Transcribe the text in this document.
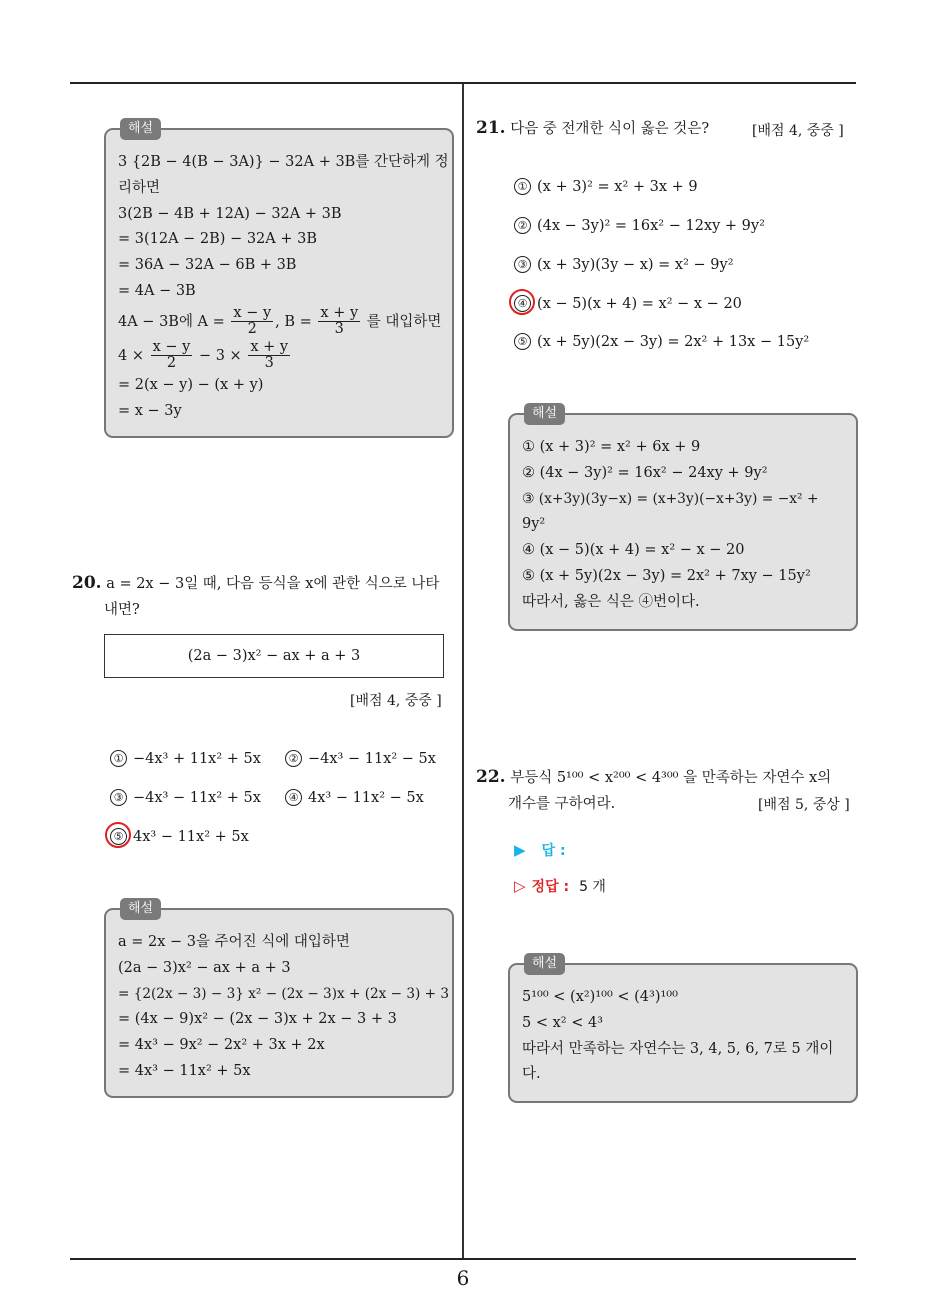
6
해설
3 {2B − 4(B − 3A)} − 32A + 3B를 간단하게 정
리하면
3(2B − 4B + 12A) − 32A + 3B
= 3(12A − 2B) − 32A + 3B
= 36A − 32A − 6B + 3B
= 4A − 3B
4A − 3B에 $A = \frac{x - y}{2}$ , $B = \frac{x + y}{3}$ 를 대입하면
$4 \times \frac{x - y}{2} - 3 \times \frac{x + y}{3}$
= 2(x − y) − (x + y)
= x − 3y
20. a = 2x − 3일 때, 다음 등식을 x에 관한 식으로 나타
내면?
(2a − 3)x² − ax + a + 3
[배점 4, 중중 ]
① −4x³ + 11x² + 5x	② −4x³ − 11x² − 5x
③ −4x³ − 11x² + 5x	④ 4x³ − 11x² − 5x
⑤ 4x³ − 11x² + 5x
해설
a = 2x − 3을 주어진 식에 대입하면
(2a − 3)x² − ax + a + 3
= {2(2x − 3) − 3} x² − (2x − 3)x + (2x − 3) + 3
= (4x − 9)x² − (2x − 3)x + 2x − 3 + 3
= 4x³ − 9x² − 2x² + 3x + 2x
= 4x³ − 11x² + 5x
21. 다음 중 전개한 식이 옳은 것은?	[배점 4, 중중 ]
① (x + 3)² = x² + 3x + 9
② (4x − 3y)² = 16x² − 12xy + 9y²
③ (x + 3y)(3y − x) = x² − 9y²
④ (x − 5)(x + 4) = x² − x − 20
⑤ (x + 5y)(2x − 3y) = 2x² + 13x − 15y²
해설
① (x + 3)² = x² + 6x + 9
② (4x − 3y)² = 16x² − 24xy + 9y²
③ (x+3y)(3y−x) = (x+3y)(−x+3y) = −x² +
9y²
④ (x − 5)(x + 4) = x² − x − 20
⑤ (x + 5y)(2x − 3y) = 2x² + 7xy − 15y²
따라서, 옳은 식은 ④번이다.
22. 부등식 5¹⁰⁰ < x²⁰⁰ < 4³⁰⁰ 을 만족하는 자연수 x의
개수를 구하여라.	[배점 5, 중상 ]
▶ 답 :
▷ 정답 : 5 개
해설
5¹⁰⁰ < (x²)¹⁰⁰ < (4³)¹⁰⁰
5 < x² < 4³
따라서 만족하는 자연수는 3, 4, 5, 6, 7로 5 개이
다.
